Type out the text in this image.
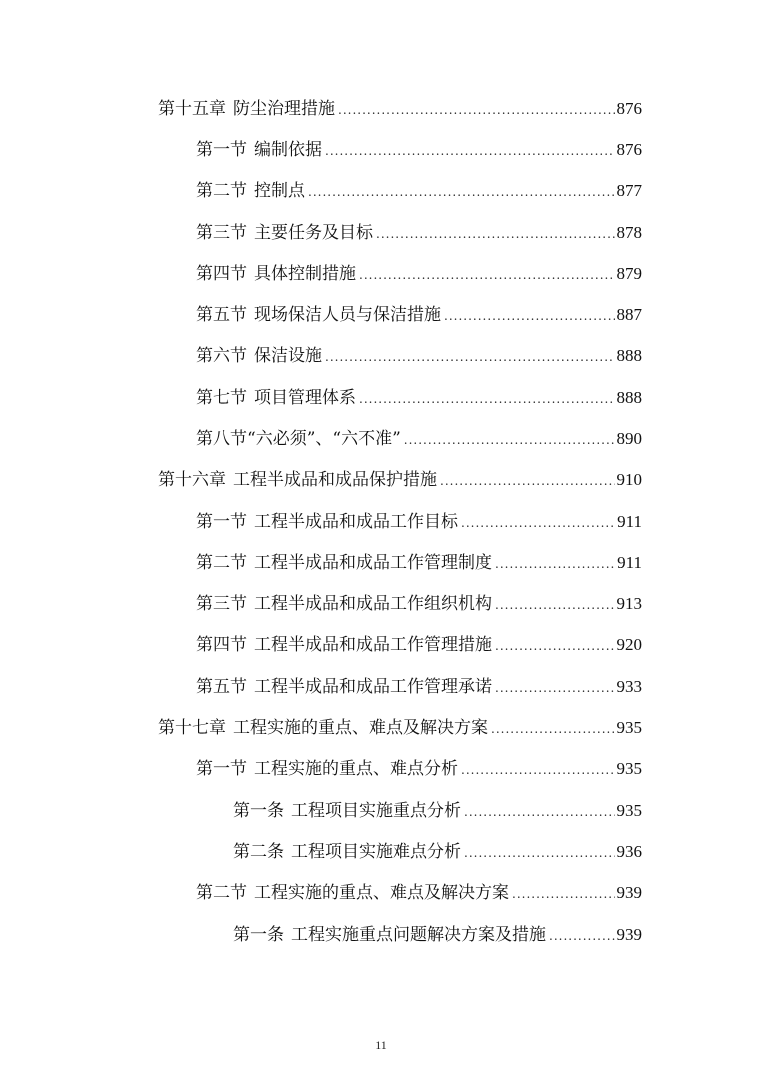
第十五章 防尘治理措施 .....	876
第一节 编制依据 .....	876
第二节 控制点 .....	877
第三节 主要任务及目标 .....	878
第四节 具体控制措施 .....	879
第五节 现场保洁人员与保洁措施 .....	887
第六节 保洁设施 .....	888
第七节 项目管理体系 .....	888
第八节“六必须”、“六不准” .....	890
第十六章 工程半成品和成品保护措施 .....	910
第一节 工程半成品和成品工作目标 .....	911
第二节 工程半成品和成品工作管理制度 .....	911
第三节 工程半成品和成品工作组织机构 .....	913
第四节 工程半成品和成品工作管理措施 .....	920
第五节 工程半成品和成品工作管理承诺 .....	933
第十七章 工程实施的重点、难点及解决方案 .....	935
第一节 工程实施的重点、难点分析 .....	935
第一条 工程项目实施重点分析 .....	935
第二条 工程项目实施难点分析 .....	936
第二节 工程实施的重点、难点及解决方案 .....	939
第一条 工程实施重点问题解决方案及措施 .....	939
11
